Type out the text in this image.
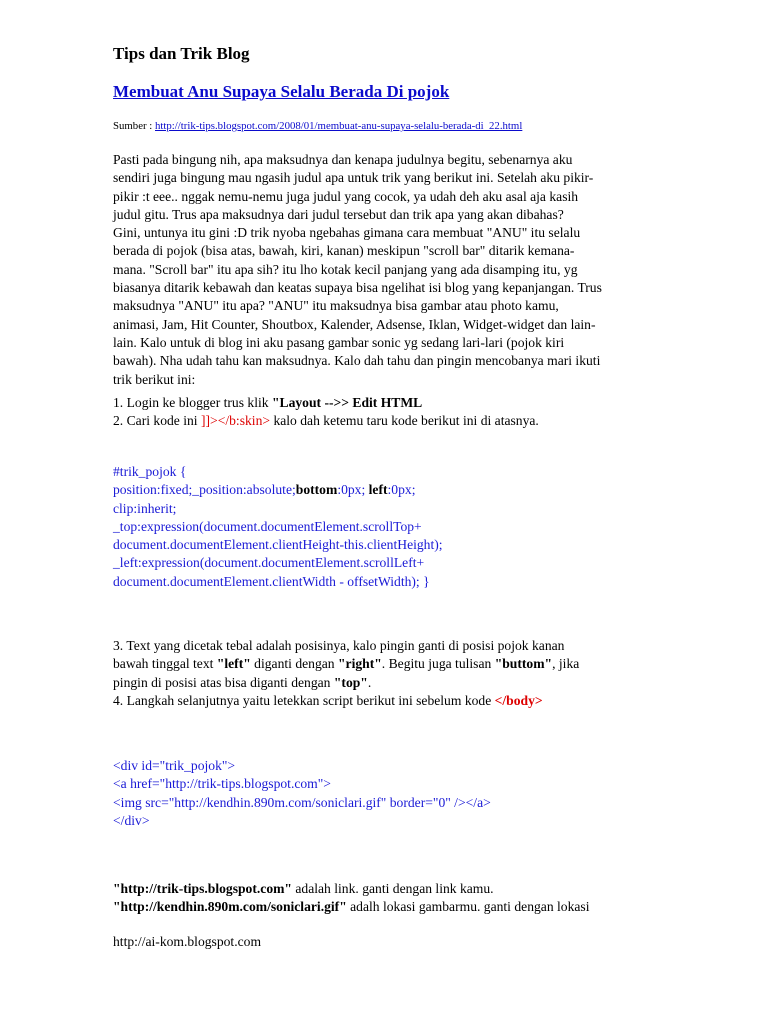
Tips dan Trik Blog
Membuat Anu Supaya Selalu Berada Di pojok
Sumber : http://trik-tips.blogspot.com/2008/01/membuat-anu-supaya-selalu-berada-di_22.html
Pasti pada bingung nih, apa maksudnya dan kenapa judulnya begitu, sebenarnya aku
sendiri juga bingung mau ngasih judul apa untuk trik yang berikut ini. Setelah aku pikir-
pikir :t eee.. nggak nemu-nemu juga judul yang cocok, ya udah deh aku asal aja kasih
judul gitu. Trus apa maksudnya dari judul tersebut dan trik apa yang akan dibahas?
Gini, untunya itu gini :D trik nyoba ngebahas gimana cara membuat "ANU" itu selalu
berada di pojok (bisa atas, bawah, kiri, kanan) meskipun "scroll bar" ditarik kemana-
mana. "Scroll bar" itu apa sih? itu lho kotak kecil panjang yang ada disamping itu, yg
biasanya ditarik kebawah dan keatas supaya bisa ngelihat isi blog yang kepanjangan. Trus
maksudnya "ANU" itu apa? "ANU" itu maksudnya bisa gambar atau photo kamu,
animasi, Jam, Hit Counter, Shoutbox, Kalender, Adsense, Iklan, Widget-widget dan lain-
lain. Kalo untuk di blog ini aku pasang gambar sonic yg sedang lari-lari (pojok kiri
bawah). Nha udah tahu kan maksudnya. Kalo dah tahu dan pingin mencobanya mari ikuti
trik berikut ini:
1. Login ke blogger trus klik "Layout -->> Edit HTML
2. Cari kode ini ]]></b:skin> kalo dah ketemu taru kode berikut ini di atasnya.
#trik_pojok {
position:fixed;_position:absolute;bottom:0px; left:0px;
clip:inherit;
_top:expression(document.documentElement.scrollTop+
document.documentElement.clientHeight-this.clientHeight);
_left:expression(document.documentElement.scrollLeft+
document.documentElement.clientWidth - offsetWidth); }
3. Text yang dicetak tebal adalah posisinya, kalo pingin ganti di posisi pojok kanan
bawah tinggal text "left" diganti dengan "right". Begitu juga tulisan "buttom", jika
pingin di posisi atas bisa diganti dengan "top".
4. Langkah selanjutnya yaitu letekkan script berikut ini sebelum kode </body>
<div id="trik_pojok">
<a href="http://trik-tips.blogspot.com">
<img src="http://kendhin.890m.com/soniclari.gif" border="0" /></a>
</div>
"http://trik-tips.blogspot.com" adalah link. ganti dengan link kamu.
"http://kendhin.890m.com/soniclari.gif" adalh lokasi gambarmu. ganti dengan lokasi
http://ai-kom.blogspot.com
